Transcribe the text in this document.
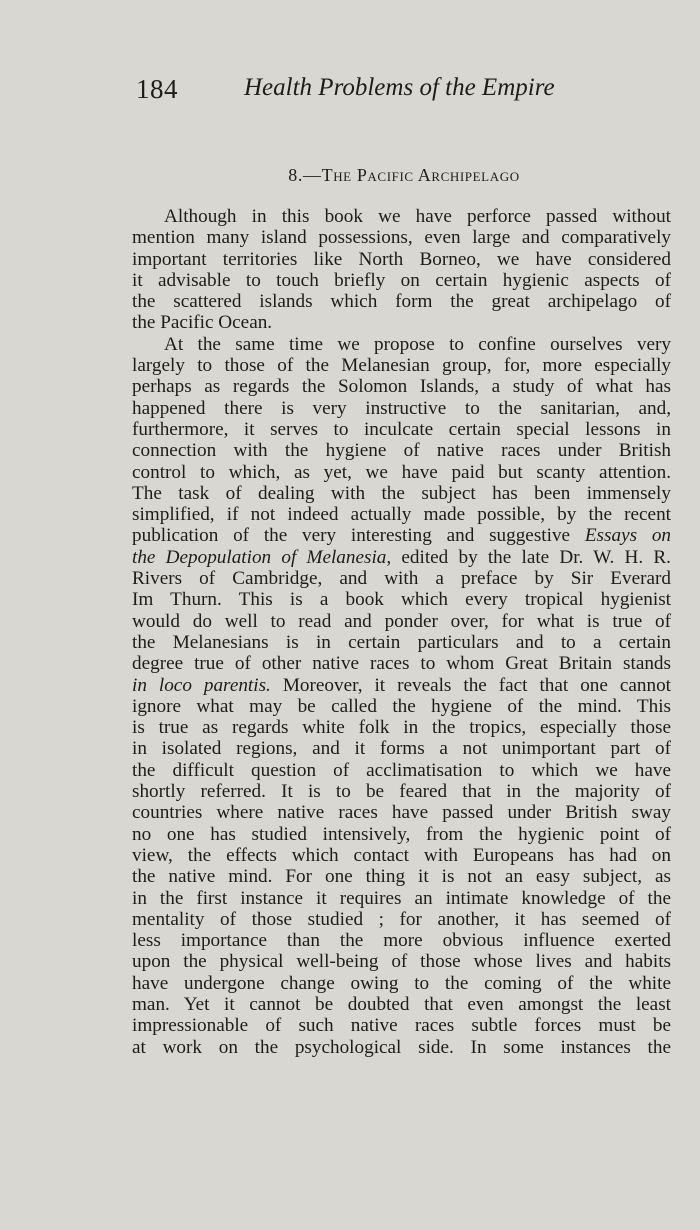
184	Health Problems of the Empire
8.—The Pacific Archipelago
Although in this book we have perforce passed without
mention many island possessions, even large and comparatively
important territories like North Borneo, we have considered
it advisable to touch briefly on certain hygienic aspects of
the scattered islands which form the great archipelago of
the Pacific Ocean.
At the same time we propose to confine ourselves very
largely to those of the Melanesian group, for, more especially
perhaps as regards the Solomon Islands, a study of what has
happened there is very instructive to the sanitarian, and,
furthermore, it serves to inculcate certain special lessons in
connection with the hygiene of native races under British
control to which, as yet, we have paid but scanty attention.
The task of dealing with the subject has been immensely
simplified, if not indeed actually made possible, by the recent
publication of the very interesting and suggestive Essays on
the Depopulation of Melanesia, edited by the late Dr. W. H. R.
Rivers of Cambridge, and with a preface by Sir Everard
Im Thurn. This is a book which every tropical hygienist
would do well to read and ponder over, for what is true of
the Melanesians is in certain particulars and to a certain
degree true of other native races to whom Great Britain stands
in loco parentis. Moreover, it reveals the fact that one cannot
ignore what may be called the hygiene of the mind. This
is true as regards white folk in the tropics, especially those
in isolated regions, and it forms a not unimportant part of
the difficult question of acclimatisation to which we have
shortly referred. It is to be feared that in the majority of
countries where native races have passed under British sway
no one has studied intensively, from the hygienic point of
view, the effects which contact with Europeans has had on
the native mind. For one thing it is not an easy subject, as
in the first instance it requires an intimate knowledge of the
mentality of those studied ; for another, it has seemed of
less importance than the more obvious influence exerted
upon the physical well-being of those whose lives and habits
have undergone change owing to the coming of the white
man. Yet it cannot be doubted that even amongst the least
impressionable of such native races subtle forces must be
at work on the psychological side. In some instances the
